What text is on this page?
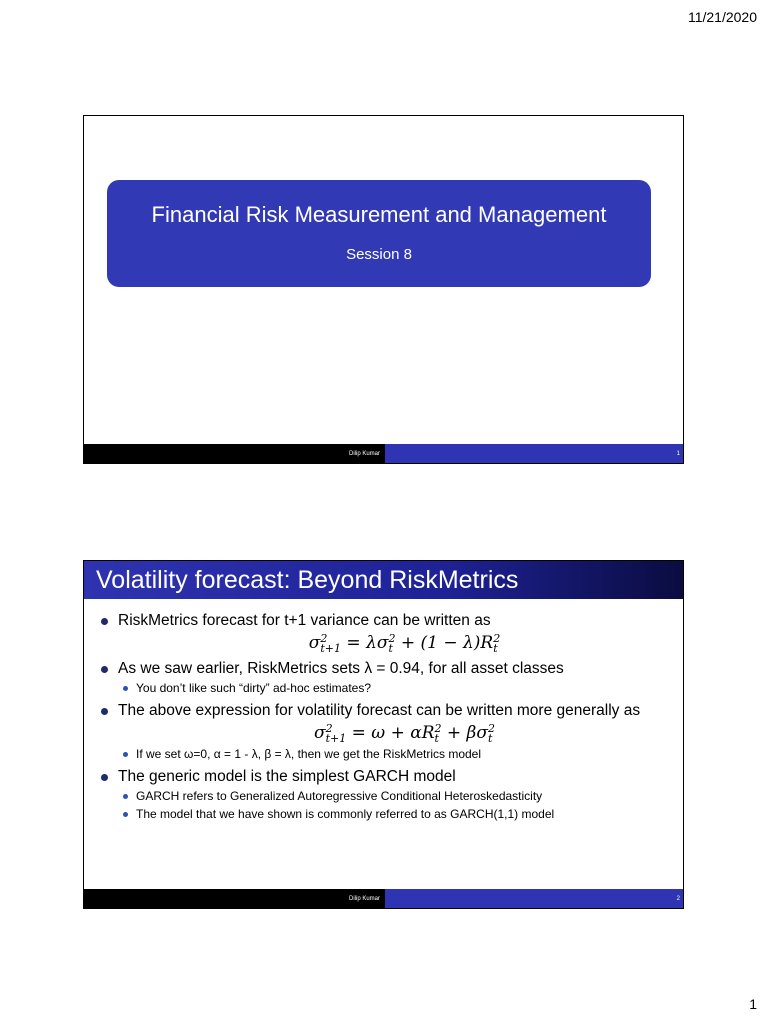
11/21/2020
Financial Risk Measurement and Management
Session 8
Dilip Kumar	1
Volatility forecast: Beyond RiskMetrics
RiskMetrics forecast for t+1 variance can be written as
σ 2
t+1 = λσ 2
t + (1 − λ)R 2
t
As we saw earlier, RiskMetrics sets λ = 0.94, for all asset classes
You don’t like such “dirty” ad-hoc estimates?
The above expression for volatility forecast can be written more generally as
σ 2
t+1 = ω + αR 2
t + βσ 2
t
If we set ω=0, α = 1 - λ, β = λ, then we get the RiskMetrics model
The generic model is the simplest GARCH model
GARCH refers to Generalized Autoregressive Conditional Heteroskedasticity
The model that we have shown is commonly referred to as GARCH(1,1) model
Dilip Kumar	2
1
